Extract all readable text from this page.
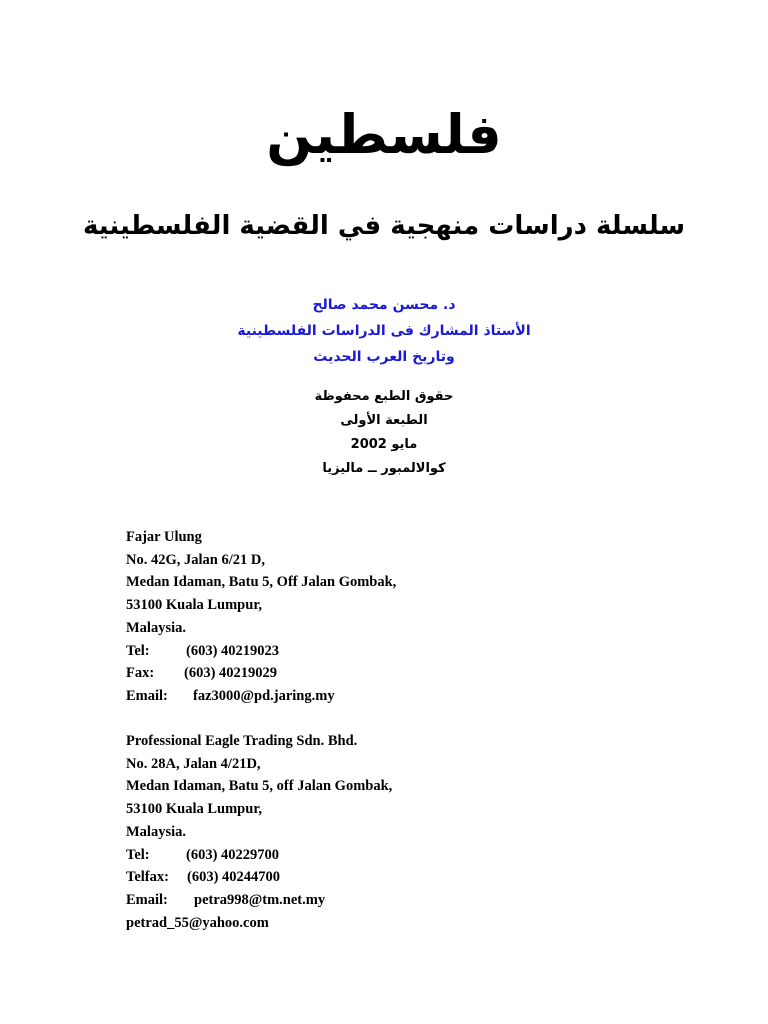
فلسطين
سلسلة دراسات منهجية في القضية الفلسطينية
د. محسن محمد صالح
الأستاذ المشارك فى الدراسات الفلسطينية
وتاريخ العرب الحديث
حقوق الطبع محفوظة
الطبعة الأولى
مايو 2002
كوالالمبور ــ ماليزيا
Fajar Ulung
No. 42G, Jalan 6/21 D,
Medan Idaman, Batu 5, Off Jalan Gombak,
53100 Kuala Lumpur,
Malaysia.
Tel:	(603) 40219023
Fax: (603) 40219029
Email: faz3000@pd.jaring.my
Professional Eagle Trading Sdn. Bhd.
No. 28A, Jalan 4/21D,
Medan Idaman, Batu 5, off Jalan Gombak,
53100 Kuala Lumpur,
Malaysia.
Tel:	(603) 40229700
Telfax: (603) 40244700
Email: petra998@tm.net.my
petrad_55@yahoo.com
